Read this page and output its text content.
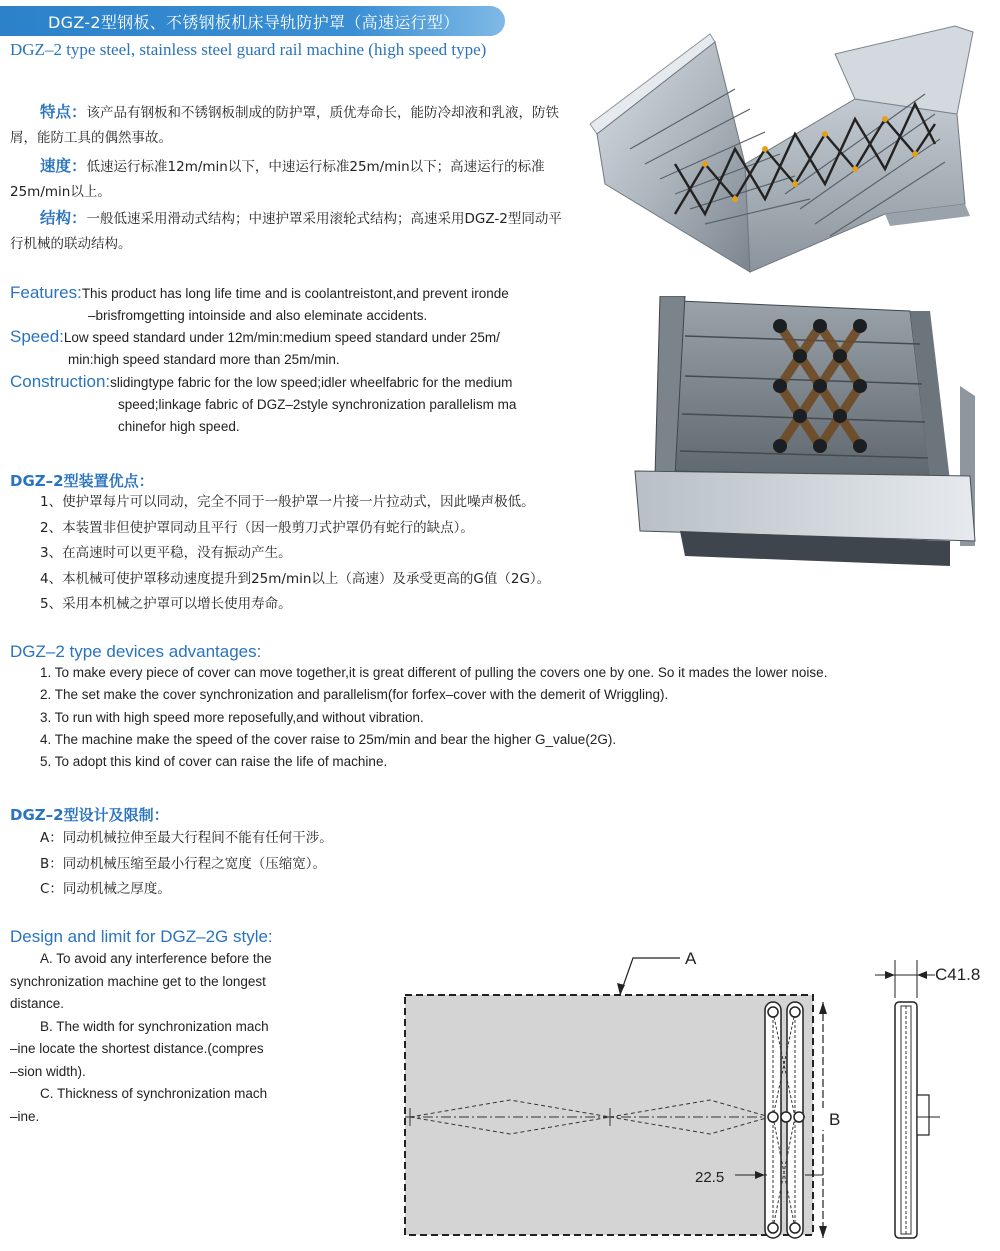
DGZ-2型钢板、不锈钢板机床导轨防护罩（高速运行型）
DGZ–2 type steel, stainless steel guard rail machine (high speed type)
特点：该产品有钢板和不锈钢板制成的防护罩，质优寿命长，能防冷却液和乳液，防铁屑，能防工具的偶然事故。
速度：低速运行标准12m/min以下，中速运行标准25m/min以下；高速运行的标准25m/min以上。
结构：一般低速采用滑动式结构；中速护罩采用滚轮式结构；高速采用DGZ-2型同动平行机械的联动结构。
Features:This product has long life time and is coolantreistont,and prevent ironde
–brisfromgetting intoinside and also eleminate accidents.
Speed:Low speed standard under 12m/min:medium speed standard under 25m/
min:high speed standard more than 25m/min.
Construction:slidingtype fabric for the low speed;idler wheelfabric for the medium
speed;linkage fabric of DGZ–2style synchronization parallelism ma
chinefor high speed.
DGZ–2型装置优点：
1、使护罩每片可以同动，完全不同于一般护罩一片接一片拉动式，因此噪声极低。
2、本装置非但使护罩同动且平行（因一般剪刀式护罩仍有蛇行的缺点）。
3、在高速时可以更平稳，没有振动产生。
4、本机械可使护罩移动速度提升到25m/min以上（高速）及承受更高的G值（2G）。
5、采用本机械之护罩可以增长使用寿命。
DGZ–2 type devices advantages:
1. To make every piece of cover can move together,it is great different of pulling the covers one by one. So it mades the lower noise.
2. The set make the cover synchronization and parallelism(for forfex–cover with the demerit of Wriggling).
3. To run with high speed more reposefully,and without vibration.
4. The machine make the speed of the cover raise to 25m/min and bear the higher G_value(2G).
5. To adopt this kind of cover can raise the life of machine.
DGZ–2型设计及限制：
A：同动机械拉伸至最大行程间不能有任何干涉。
B：同动机械压缩至最小行程之宽度（压缩宽）。
C：同动机械之厚度。
Design and limit for DGZ–2G style:

A. To avoid any interference before the

synchronization machine get to the longest

distance.

B. The width for synchronization mach

–ine locate the shortest distance.(compres

–sion width).

C. Thickness of synchronization mach

–ine.

A
B
22.5
C41.8
